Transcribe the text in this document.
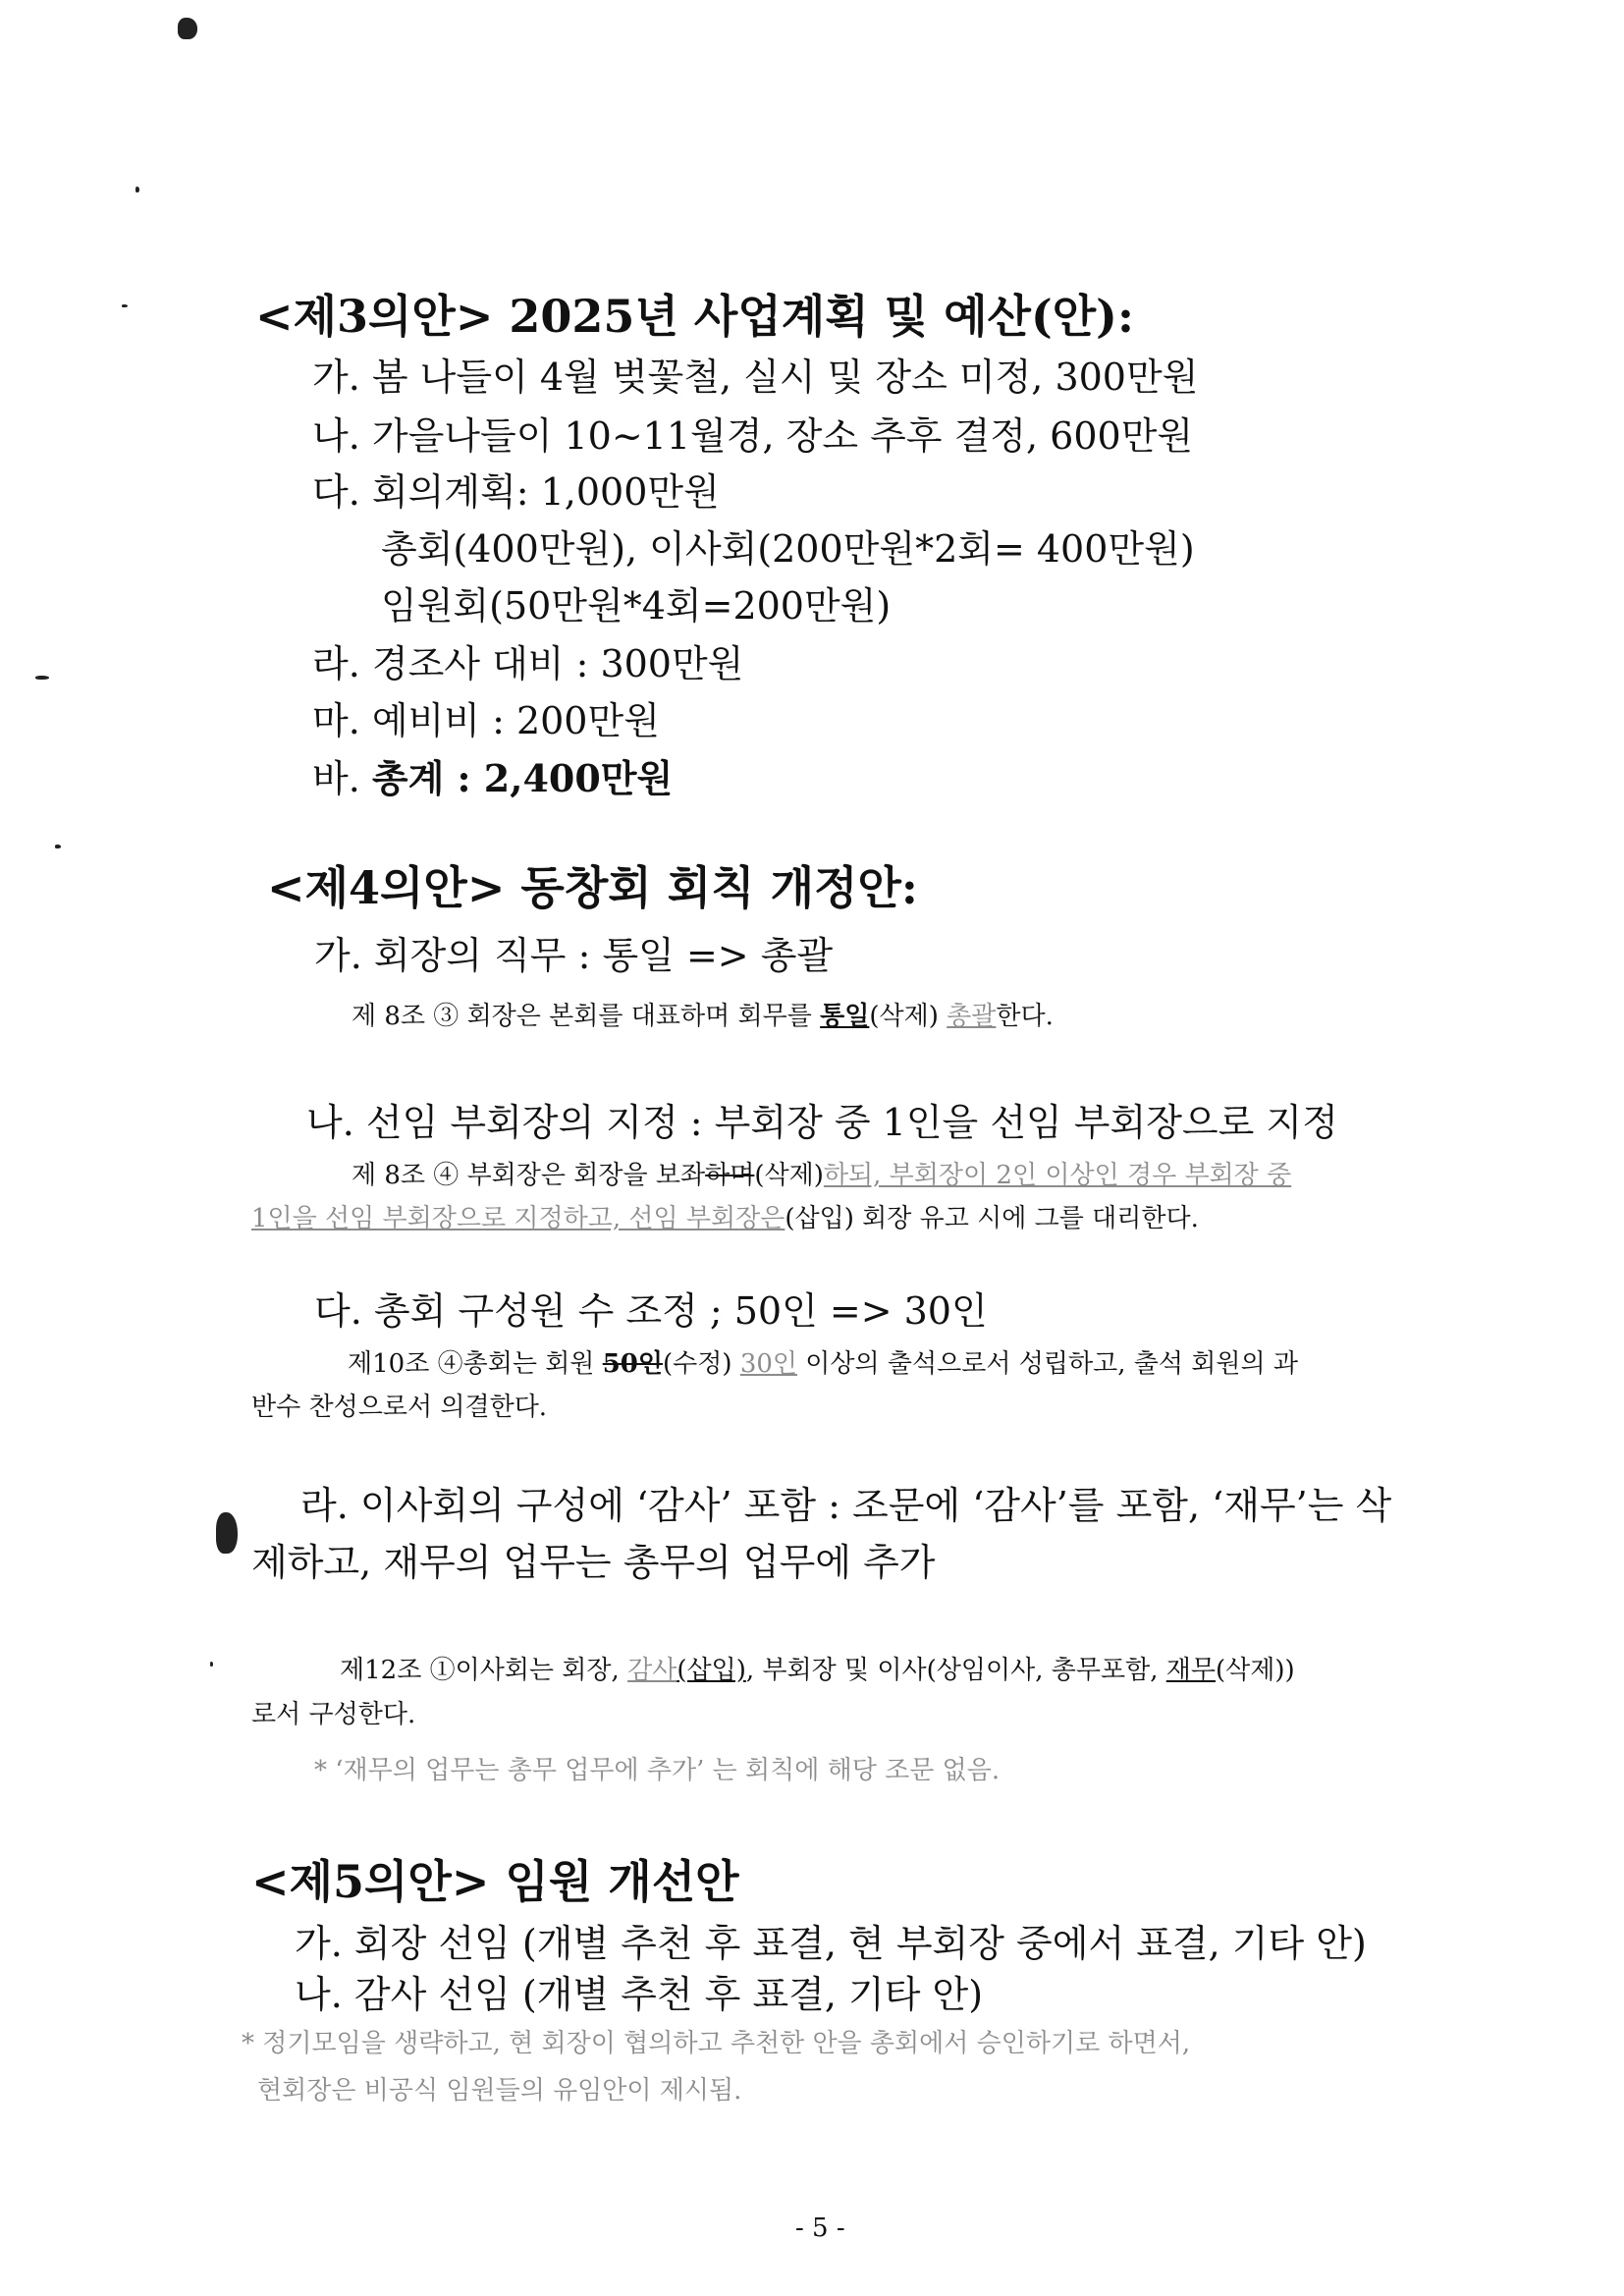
<제3의안> 2025년 사업계획 및 예산(안):

가. 봄 나들이 4월 벚꽃철, 실시 및 장소 미정, 300만원

나. 가을나들이 10~11월경, 장소 추후 결정, 600만원

다. 회의계획: 1,000만원

총회(400만원), 이사회(200만원*2회= 400만원)

임원회(50만원*4회=200만원)

라. 경조사 대비 : 300만원

마. 예비비 : 200만원

바. 총계 : 2,400만원

<제4의안> 동창회 회칙 개정안:

가. 회장의 직무 : 통일 => 총괄

제 8조 ③ 회장은 본회를 대표하며 회무를 통일(삭제) 총괄한다.

나. 선임 부회장의 지정 : 부회장 중 1인을 선임 부회장으로 지정

제 8조 ④ 부회장은 회장을 보좌하며(삭제)하되, 부회장이 2인 이상인 경우 부회장 중

1인을 선임 부회장으로 지정하고, 선임 부회장은(삽입) 회장 유고 시에 그를 대리한다.

다. 총회 구성원 수 조정 ; 50인 => 30인

제10조 ④총회는 회원 50인(수정) 30인 이상의 출석으로서 성립하고, 출석 회원의 과

반수 찬성으로서 의결한다.

라. 이사회의 구성에 ‘감사’ 포함 : 조문에 ‘감사’를 포함, ‘재무’는 삭

제하고, 재무의 업무는 총무의 업무에 추가

제12조 ①이사회는 회장, 감사(삽입), 부회장 및 이사(상임이사, 총무포함, 재무(삭제))

로서 구성한다.

* ‘재무의 업무는 총무 업무에 추가’ 는 회칙에 해당 조문 없음.

<제5의안> 임원 개선안

가. 회장 선임 (개별 추천 후 표결, 현 부회장 중에서 표결, 기타 안)

나. 감사 선임 (개별 추천 후 표결, 기타 안)

* 정기모임을 생략하고, 현 회장이 협의하고 추천한 안을 총회에서 승인하기로 하면서,

현회장은 비공식 임원들의 유임안이 제시됨.

- 5 -
